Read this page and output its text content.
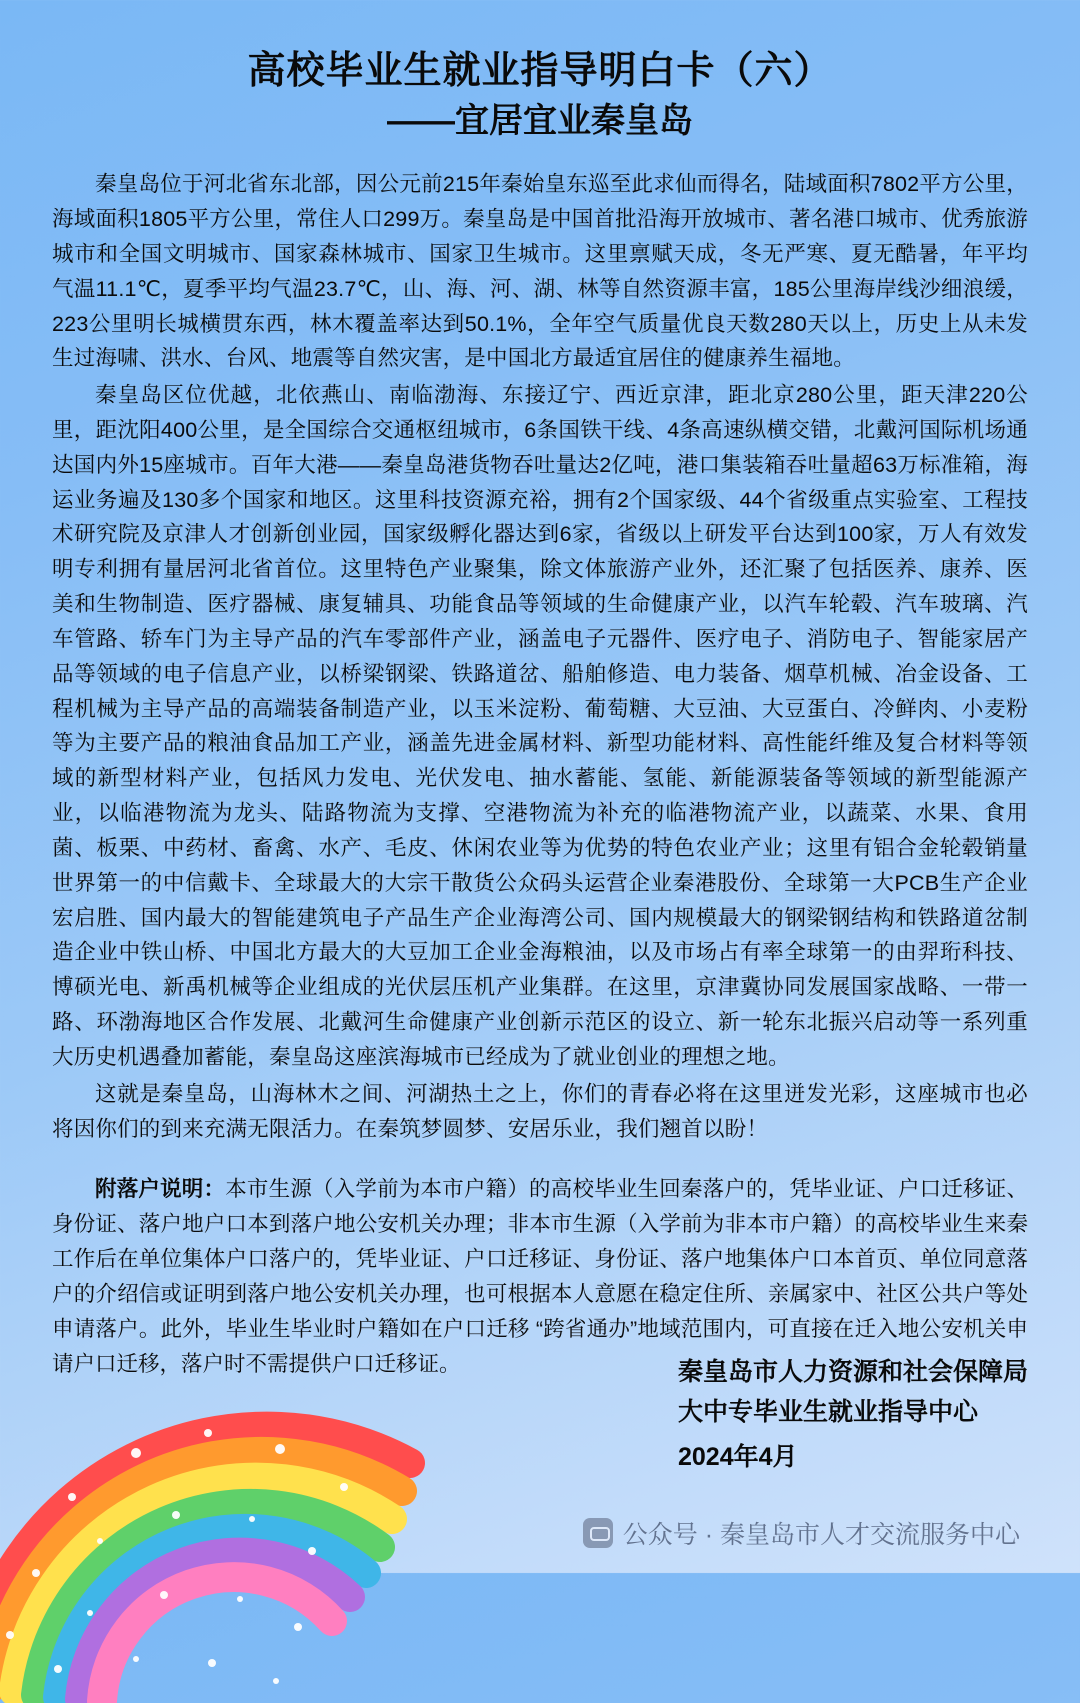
高校毕业生就业指导明白卡（六）
——宜居宜业秦皇岛

秦皇岛位于河北省东北部，因公元前215年秦始皇东巡至此求仙而得名，陆域面积7802平方公里，海域面积1805平方公里，常住人口299万。秦皇岛是中国首批沿海开放城市、著名港口城市、优秀旅游城市和全国文明城市、国家森林城市、国家卫生城市。这里禀赋天成，冬无严寒、夏无酷暑，年平均气温11.1℃，夏季平均气温23.7℃，山、海、河、湖、林等自然资源丰富，185公里海岸线沙细浪缓，223公里明长城横贯东西，林木覆盖率达到50.1%，全年空气质量优良天数280天以上，历史上从未发生过海啸、洪水、台风、地震等自然灾害，是中国北方最适宜居住的健康养生福地。

秦皇岛区位优越，北依燕山、南临渤海、东接辽宁、西近京津，距北京280公里，距天津220公里，距沈阳400公里，是全国综合交通枢纽城市，6条国铁干线、4条高速纵横交错，北戴河国际机场通达国内外15座城市。百年大港——秦皇岛港货物吞吐量达2亿吨，港口集装箱吞吐量超63万标准箱，海运业务遍及130多个国家和地区。这里科技资源充裕，拥有2个国家级、44个省级重点实验室、工程技术研究院及京津人才创新创业园，国家级孵化器达到6家，省级以上研发平台达到100家，万人有效发明专利拥有量居河北省首位。这里特色产业聚集，除文体旅游产业外，还汇聚了包括医养、康养、医美和生物制造、医疗器械、康复辅具、功能食品等领域的生命健康产业，以汽车轮毂、汽车玻璃、汽车管路、轿车门为主导产品的汽车零部件产业，涵盖电子元器件、医疗电子、消防电子、智能家居产品等领域的电子信息产业，以桥梁钢梁、铁路道岔、船舶修造、电力装备、烟草机械、冶金设备、工程机械为主导产品的高端装备制造产业，以玉米淀粉、葡萄糖、大豆油、大豆蛋白、冷鲜肉、小麦粉等为主要产品的粮油食品加工产业，涵盖先进金属材料、新型功能材料、高性能纤维及复合材料等领域的新型材料产业，包括风力发电、光伏发电、抽水蓄能、氢能、新能源装备等领域的新型能源产业，以临港物流为龙头、陆路物流为支撑、空港物流为补充的临港物流产业，以蔬菜、水果、食用菌、板栗、中药材、畜禽、水产、毛皮、休闲农业等为优势的特色农业产业；这里有铝合金轮毂销量世界第一的中信戴卡、全球最大的大宗干散货公众码头运营企业秦港股份、全球第一大PCB生产企业宏启胜、国内最大的智能建筑电子产品生产企业海湾公司、国内规模最大的钢梁钢结构和铁路道岔制造企业中铁山桥、中国北方最大的大豆加工企业金海粮油，以及市场占有率全球第一的由羿珩科技、博硕光电、新禹机械等企业组成的光伏层压机产业集群。在这里，京津冀协同发展国家战略、一带一路、环渤海地区合作发展、北戴河生命健康产业创新示范区的设立、新一轮东北振兴启动等一系列重大历史机遇叠加蓄能，秦皇岛这座滨海城市已经成为了就业创业的理想之地。

这就是秦皇岛，山海林木之间、河湖热土之上，你们的青春必将在这里迸发光彩，这座城市也必将因你们的到来充满无限活力。在秦筑梦圆梦、安居乐业，我们翘首以盼！

附落户说明：本市生源（入学前为本市户籍）的高校毕业生回秦落户的，凭毕业证、户口迁移证、身份证、落户地户口本到落户地公安机关办理；非本市生源（入学前为非本市户籍）的高校毕业生来秦工作后在单位集体户口落户的，凭毕业证、户口迁移证、身份证、落户地集体户口本首页、单位同意落户的介绍信或证明到落户地公安机关办理，也可根据本人意愿在稳定住所、亲属家中、社区公共户等处申请落户。此外，毕业生毕业时户籍如在户口迁移 “跨省通办”地域范围内，可直接在迁入地公安机关申请户口迁移，落户时不需提供户口迁移证。	秦皇岛市人力资源和社会保障局
大中专毕业生就业指导中心
2024年4月
公众号 · 秦皇岛市人才交流服务中心
